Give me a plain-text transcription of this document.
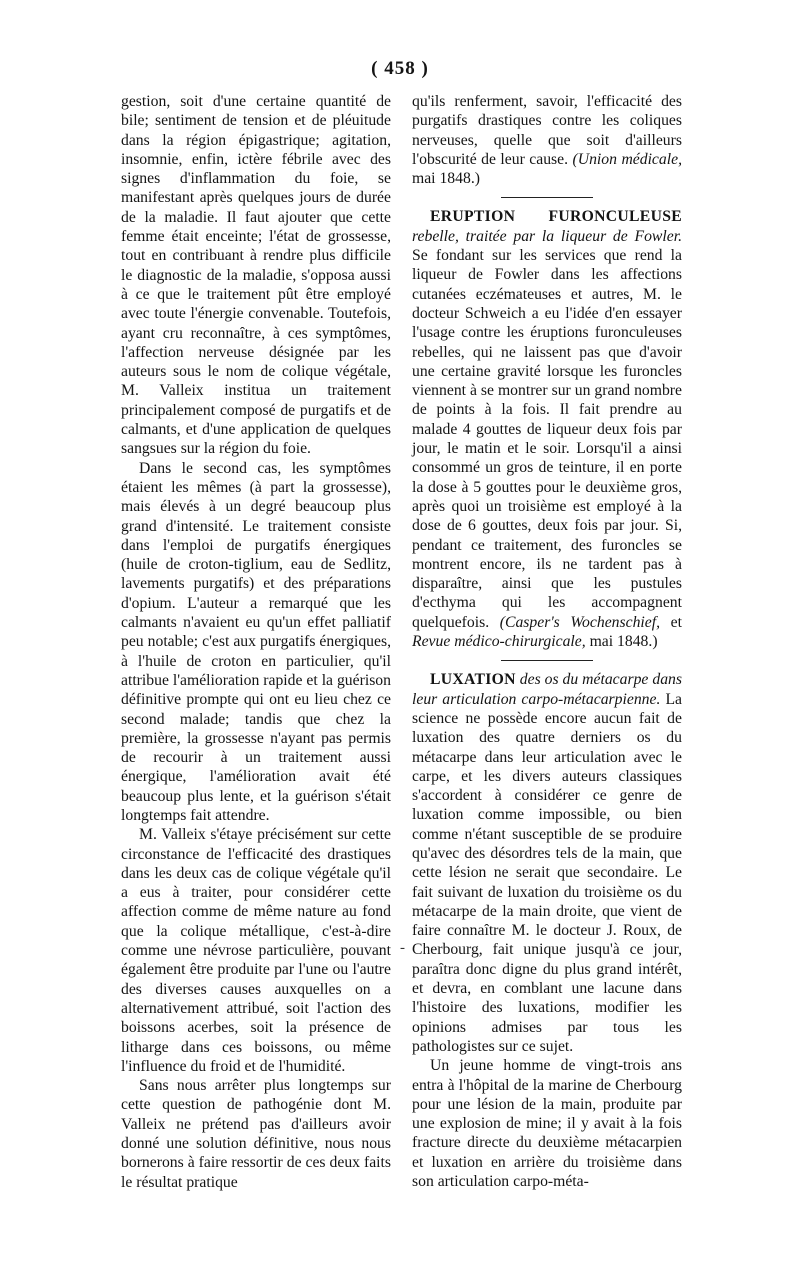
( 458 )

gestion, soit d'une certaine quantité de bile; sentiment de tension et de pléuitude dans la région épigastrique; agitation, insomnie, enfin, ictère fébrile avec des signes d'inflammation du foie, se manifestant après quelques jours de durée de la maladie. Il faut ajouter que cette femme était enceinte; l'état de grossesse, tout en contribuant à rendre plus difficile le diagnostic de la maladie, s'opposa aussi à ce que le traitement pût être employé avec toute l'énergie convenable. Toutefois, ayant cru reconnaître, à ces symptômes, l'affection nerveuse désignée par les auteurs sous le nom de colique végétale, M. Valleix institua un traitement principalement composé de purgatifs et de calmants, et d'une application de quelques sangsues sur la région du foie.

Dans le second cas, les symptômes étaient les mêmes (à part la grossesse), mais élevés à un degré beaucoup plus grand d'intensité. Le traitement consiste dans l'emploi de purgatifs énergiques (huile de croton-tiglium, eau de Sedlitz, lavements purgatifs) et des préparations d'opium. L'auteur a remarqué que les calmants n'avaient eu qu'un effet palliatif peu notable; c'est aux purgatifs énergiques, à l'huile de croton en particulier, qu'il attribue l'amélioration rapide et la guérison définitive prompte qui ont eu lieu chez ce second malade; tandis que chez la première, la grossesse n'ayant pas permis de recourir à un traitement aussi énergique, l'amélioration avait été beaucoup plus lente, et la guérison s'était longtemps fait attendre.

M. Valleix s'étaye précisément sur cette circonstance de l'efficacité des drastiques dans les deux cas de colique végétale qu'il a eus à traiter, pour considérer cette affection comme de même nature au fond que la colique métallique, c'est-à-dire comme une névrose particulière, pouvant également être produite par l'une ou l'autre des diverses causes auxquelles on a alternativement attribué, soit l'action des boissons acerbes, soit la présence de litharge dans ces boissons, ou même l'influence du froid et de l'humidité.

Sans nous arrêter plus longtemps sur cette question de pathogénie dont M. Valleix ne prétend pas d'ailleurs avoir donné une solution définitive, nous nous bornerons à faire ressortir de ces deux faits le résultat pratique

qu'ils renferment, savoir, l'efficacité des purgatifs drastiques contre les coliques nerveuses, quelle que soit d'ailleurs l'obscurité de leur cause. (Union médicale, mai 1848.)

ERUPTION FURONCULEUSE rebelle, traitée par la liqueur de Fowler. Se fondant sur les services que rend la liqueur de Fowler dans les affections cutanées eczémateuses et autres, M. le docteur Schweich a eu l'idée d'en essayer l'usage contre les éruptions furonculeuses rebelles, qui ne laissent pas que d'avoir une certaine gravité lorsque les furoncles viennent à se montrer sur un grand nombre de points à la fois. Il fait prendre au malade 4 gouttes de liqueur deux fois par jour, le matin et le soir. Lorsqu'il a ainsi consommé un gros de teinture, il en porte la dose à 5 gouttes pour le deuxième gros, après quoi un troisième est employé à la dose de 6 gouttes, deux fois par jour. Si, pendant ce traitement, des furoncles se montrent encore, ils ne tardent pas à disparaître, ainsi que les pustules d'ecthyma qui les accompagnent quelquefois. (Casper's Wochenschief, et Revue médico-chirurgicale, mai 1848.)

LUXATION des os du métacarpe dans leur articulation carpo-métacarpienne. La science ne possède encore aucun fait de luxation des quatre derniers os du métacarpe dans leur articulation avec le carpe, et les divers auteurs classiques s'accordent à considérer ce genre de luxation comme impossible, ou bien comme n'étant susceptible de se produire qu'avec des désordres tels de la main, que cette lésion ne serait que secondaire. Le fait suivant de luxation du troisième os du métacarpe de la main droite, que vient de faire connaître M. le docteur J. Roux, de Cherbourg, fait unique jusqu'à ce jour, paraîtra donc digne du plus grand intérêt, et devra, en comblant une lacune dans l'histoire des luxations, modifier les opinions admises par tous les pathologistes sur ce sujet.

Un jeune homme de vingt-trois ans entra à l'hôpital de la marine de Cherbourg pour une lésion de la main, produite par une explosion de mine; il y avait à la fois fracture directe du deuxième métacarpien et luxation en arrière du troisième dans son articulation carpo-méta-

-
